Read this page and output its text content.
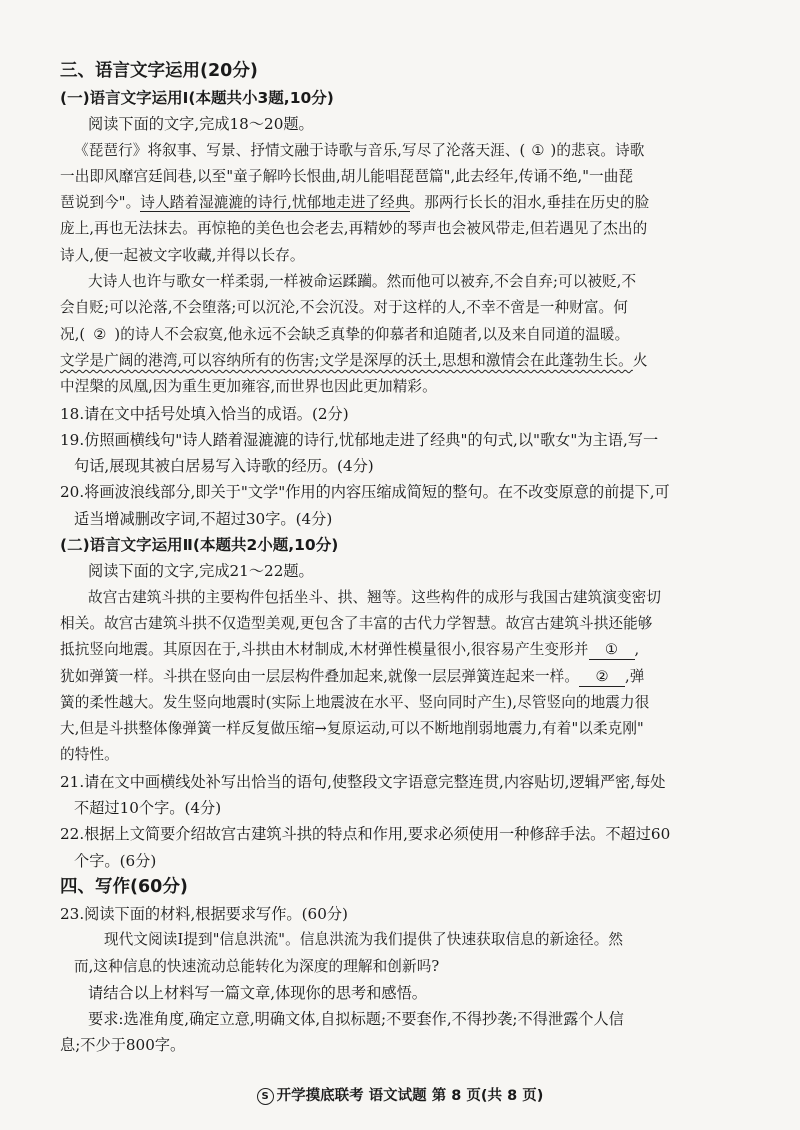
三、语言文字运用(20分)
(一)语言文字运用Ⅰ(本题共小3题,10分)
阅读下面的文字,完成18～20题。
《琵琶行》将叙事、写景、抒情文融于诗歌与音乐,写尽了沦落天涯、( ① )的悲哀。诗歌
一出即风靡宫廷闾巷,以至"童子解吟长恨曲,胡儿能唱琵琶篇",此去经年,传诵不绝,"一曲琵
琶说到今"。诗人踏着湿漉漉的诗行,忧郁地走进了经典。那两行长长的泪水,垂挂在历史的脸
庞上,再也无法抹去。再惊艳的美色也会老去,再精妙的琴声也会被风带走,但若遇见了杰出的
诗人,便一起被文字收藏,并得以长存。
大诗人也许与歌女一样柔弱,一样被命运蹂躏。然而他可以被弃,不会自弃;可以被贬,不
会自贬;可以沦落,不会堕落;可以沉沦,不会沉没。对于这样的人,不幸不啻是一种财富。何
况,( ② )的诗人不会寂寞,他永远不会缺乏真挚的仰慕者和追随者,以及来自同道的温暖。
文学是广阔的港湾,可以容纳所有的伤害;文学是深厚的沃土,思想和激情会在此蓬勃生长。火
中涅槃的凤凰,因为重生更加雍容,而世界也因此更加精彩。
18.请在文中括号处填入恰当的成语。(2分)
19.仿照画横线句"诗人踏着湿漉漉的诗行,忧郁地走进了经典"的句式,以"歌女"为主语,写一
句话,展现其被白居易写入诗歌的经历。(4分)
20.将画波浪线部分,即关于"文学"作用的内容压缩成简短的整句。在不改变原意的前提下,可
适当增减删改字词,不超过30字。(4分)
(二)语言文字运用Ⅱ(本题共2小题,10分)
阅读下面的文字,完成21～22题。
故宫古建筑斗拱的主要构件包括坐斗、拱、翘等。这些构件的成形与我国古建筑演变密切
相关。故宫古建筑斗拱不仅造型美观,更包含了丰富的古代力学智慧。故宫古建筑斗拱还能够
抵抗竖向地震。其原因在于,斗拱由木材制成,木材弹性模量很小,很容易产生变形并 ① ,
犹如弹簧一样。斗拱在竖向由一层层构件叠加起来,就像一层层弹簧连起来一样。 ② ,弹
簧的柔性越大。发生竖向地震时(实际上地震波在水平、竖向同时产生),尽管竖向的地震力很
大,但是斗拱整体像弹簧一样反复做压缩→复原运动,可以不断地削弱地震力,有着"以柔克刚"
的特性。
21.请在文中画横线处补写出恰当的语句,使整段文字语意完整连贯,内容贴切,逻辑严密,每处
不超过10个字。(4分)
22.根据上文简要介绍故宫古建筑斗拱的特点和作用,要求必须使用一种修辞手法。不超过60
个字。(6分)
四、写作(60分)
23.阅读下面的材料,根据要求写作。(60分)
现代文阅读Ⅰ提到"信息洪流"。信息洪流为我们提供了快速获取信息的新途径。然
而,这种信息的快速流动总能转化为深度的理解和创新吗?
请结合以上材料写一篇文章,体现你的思考和感悟。
要求:选准角度,确定立意,明确文体,自拟标题;不要套作,不得抄袭;不得泄露个人信
息;不少于800字。
S 开学摸底联考 语文试题 第 8 页(共 8 页)
